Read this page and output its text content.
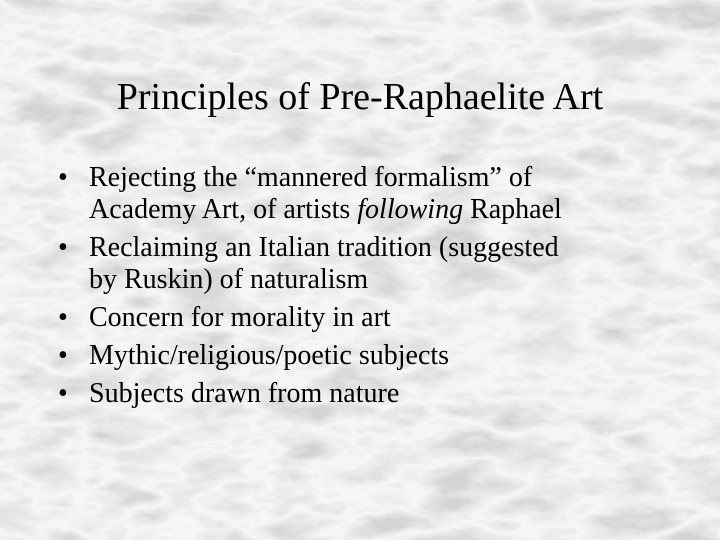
Principles of Pre-Raphaelite Art
• Rejecting the “mannered formalism” of
Academy Art, of artists following Raphael
• Reclaiming an Italian tradition (suggested
by Ruskin) of naturalism
• Concern for morality in art
• Mythic/religious/poetic subjects
• Subjects drawn from nature
